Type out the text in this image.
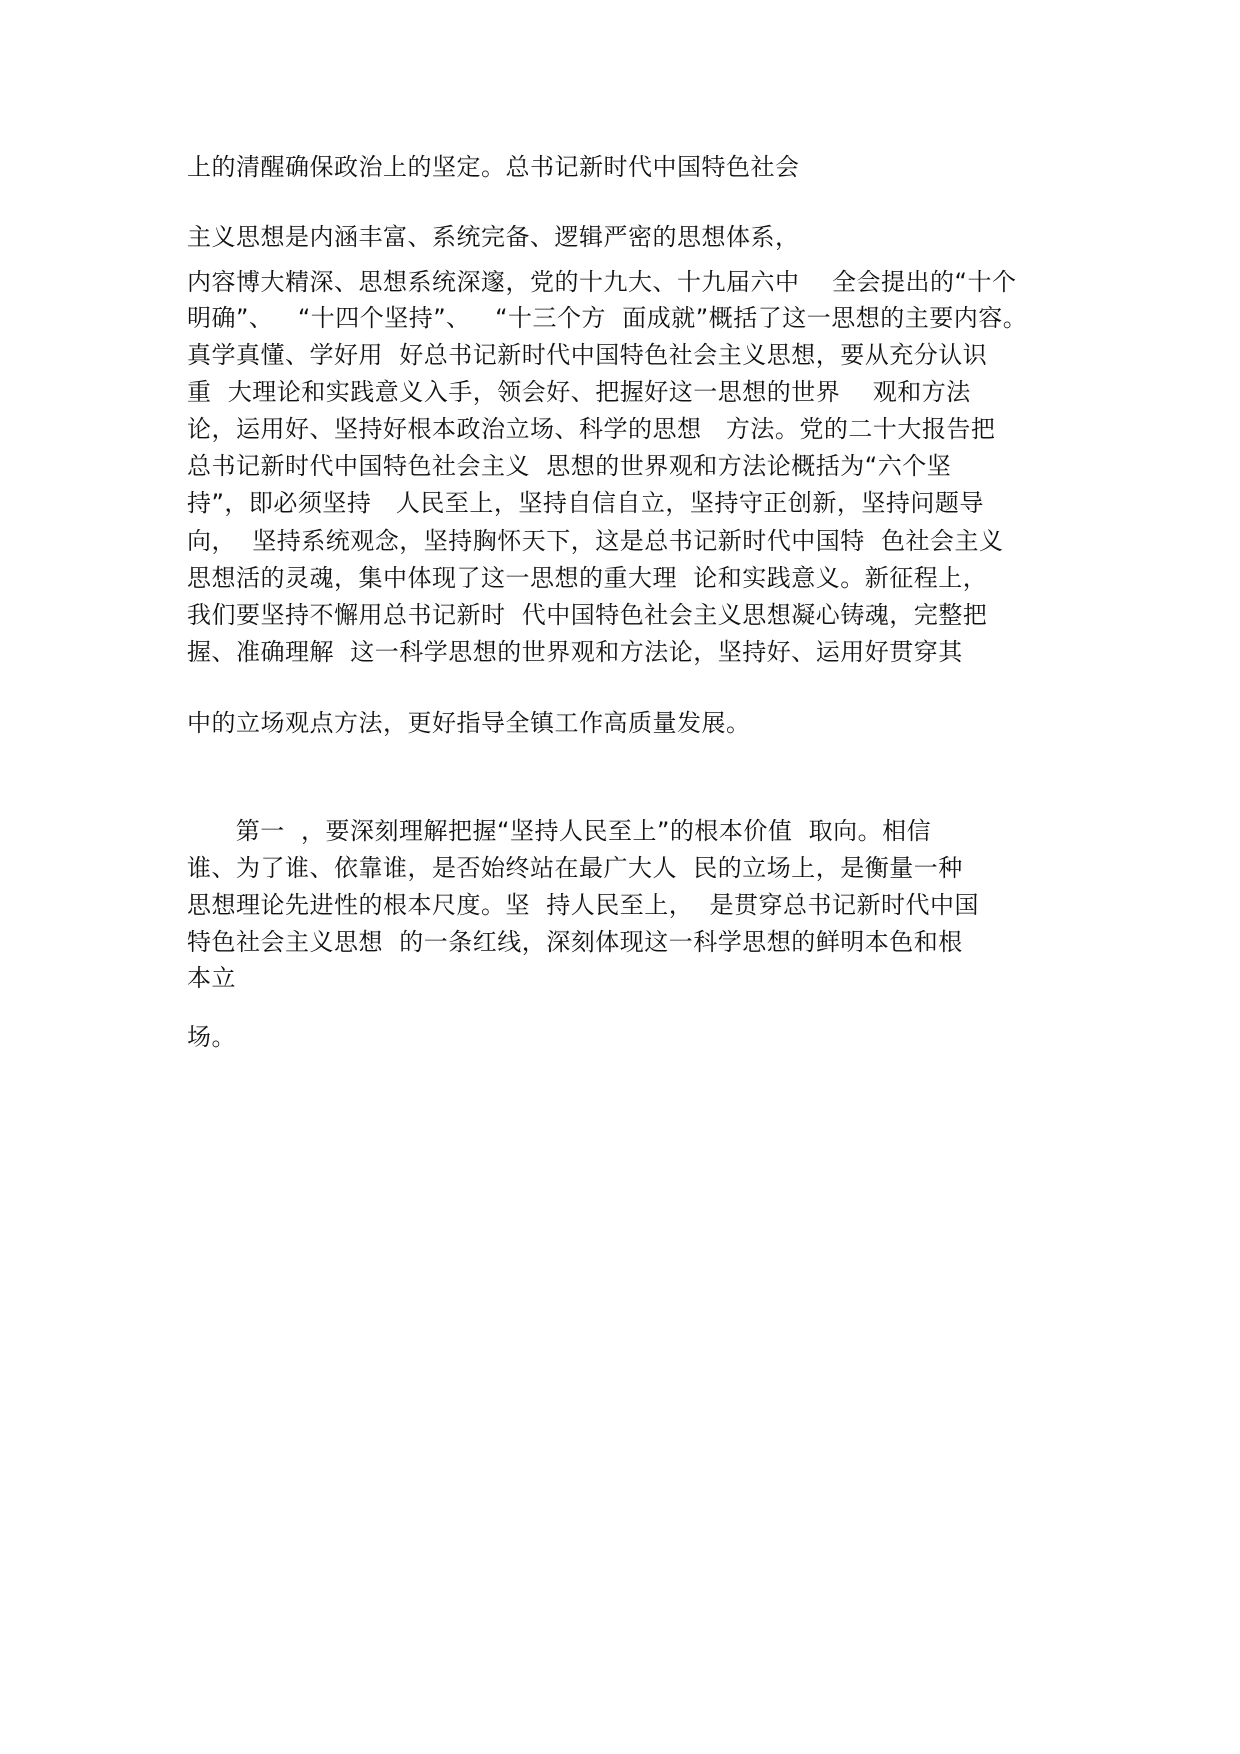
上的清醒确保政治上的坚定。总书记新时代中国特色社会
主义思想是内涵丰富、系统完备、逻辑严密的思想体系，
内容博大精深、思想系统深邃，党的十九大、十九届六中    全会提出的“十个
明确”、   “十四个坚持”、   “十三个方  面成就”概括了这一思想的主要内容。
真学真懂、学好用  好总书记新时代中国特色社会主义思想，要从充分认识
重  大理论和实践意义入手，领会好、把握好这一思想的世界    观和方法
论，运用好、坚持好根本政治立场、科学的思想   方法。党的二十大报告把
总书记新时代中国特色社会主义  思想的世界观和方法论概括为“六个坚
持”，即必须坚持   人民至上，坚持自信自立，坚持守正创新，坚持问题导
向，  坚持系统观念，坚持胸怀天下，这是总书记新时代中国特  色社会主义
思想活的灵魂，集中体现了这一思想的重大理  论和实践意义。新征程上，
我们要坚持不懈用总书记新时  代中国特色社会主义思想凝心铸魂，完整把
握、准确理解  这一科学思想的世界观和方法论，坚持好、运用好贯穿其
中的立场观点方法，更好指导全镇工作高质量发展。
第一  ，要深刻理解把握“坚持人民至上”的根本价值  取向。相信
谁、为了谁、依靠谁，是否始终站在最广大人  民的立场上，是衡量一种
思想理论先进性的根本尺度。坚  持人民至上，  是贯穿总书记新时代中国
特色社会主义思想  的一条红线，深刻体现这一科学思想的鲜明本色和根
本立
场。
